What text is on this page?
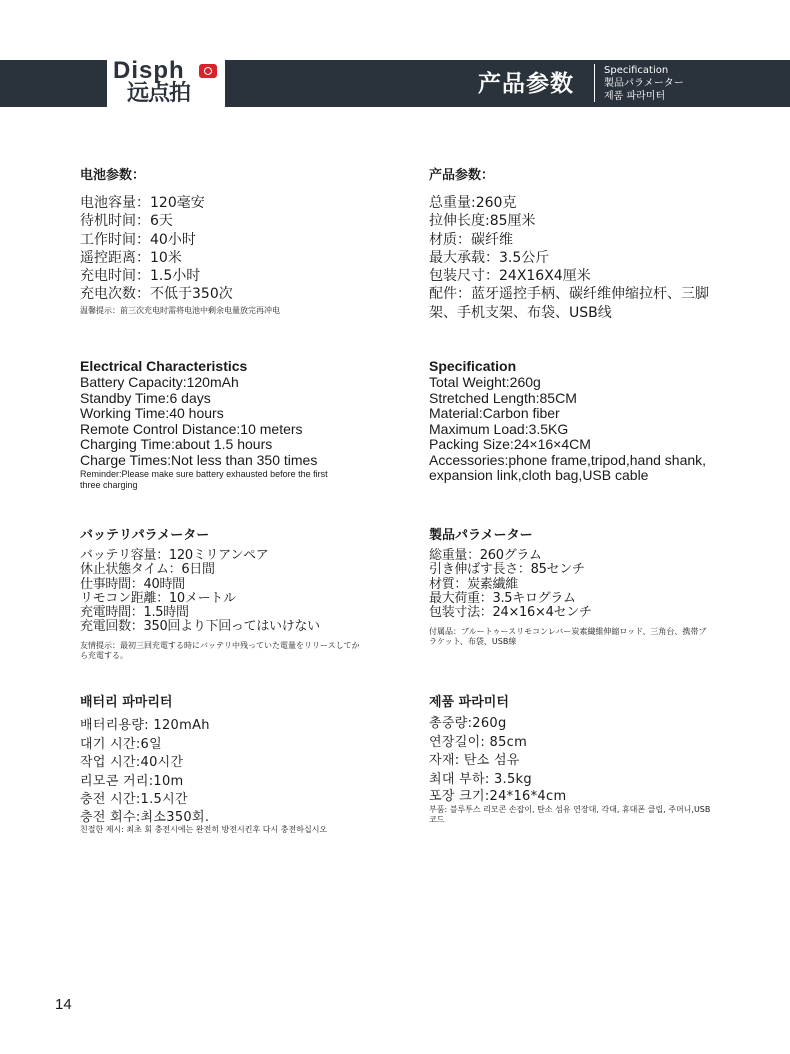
Disph
远点拍	产品参数
Specification
製品パラメーター
제품 파라미터
电池参数：
电池容量：120毫安
待机时间：6天
工作时间：40小时
遥控距离：10米
充电时间：1.5小时
充电次数：不低于350次
温馨提示：前三次充电时需将电池中剩余电量放完再冲电
产品参数：
总重量:260克
拉伸长度:85厘米
材质：碳纤维
最大承载：3.5公斤
包装尺寸：24X16X4厘米
配件：蓝牙遥控手柄、碳纤维伸缩拉杆、三脚架、手机支架、布袋、USB线
Electrical Characteristics
Battery Capacity:120mAh
Standby Time:6 days
Working Time:40 hours
Remote Control Distance:10 meters
Charging Time:about 1.5 hours
Charge Times:Not less than 350 times
Reminder:Please make sure battery exhausted before the first three charging
Specification
Total Weight:260g
Stretched Length:85CM
Material:Carbon fiber
Maximum Load:3.5KG
Packing Size:24×16×4CM
Accessories:phone frame,tripod,hand shank,
expansion link,cloth bag,USB cable
バッテリパラメーター
バッテリ容量：120ミリアンペア
休止状態タイム：6日間
仕事時間：40時間
リモコン距離：10メートル
充電時間：1.5時間
充電回数：350回より下回ってはいけない
友情提示：最初三回充電する時にバッテリ中残っていた電量をリリースしてから充電する。
製品パラメーター
総重量：260グラム
引き伸ばす長さ：85センチ
材質：炭素繊維
最大荷重：3.5キログラム
包装寸法：24×16×4センチ
付属品：ブルートゥースリモコンレバー炭素繊維伸縮ロッド、三角台、携帯ブラケット、布袋、USB線
배터리 파마리터
배터리용량: 120mAh
대기 시간:6일
작업 시간:40시간
리모콘 거리:10m
충전 시간:1.5시간
충전 회수:최소350회.
친절한 제시: 최초 회 충전시에는 완전히 방전시킨후 다시 충전하십시오
제품 파라미터
총중량:260g
연장길이: 85cm
자재: 탄소 섬유
최대 부하: 3.5kg
포장 크기:24*16*4cm
부품: 블루투스 리모콘 손잡이, 탄소 섬유 연장대, 각대, 휴대폰 클립, 주머니,USB코드
14
